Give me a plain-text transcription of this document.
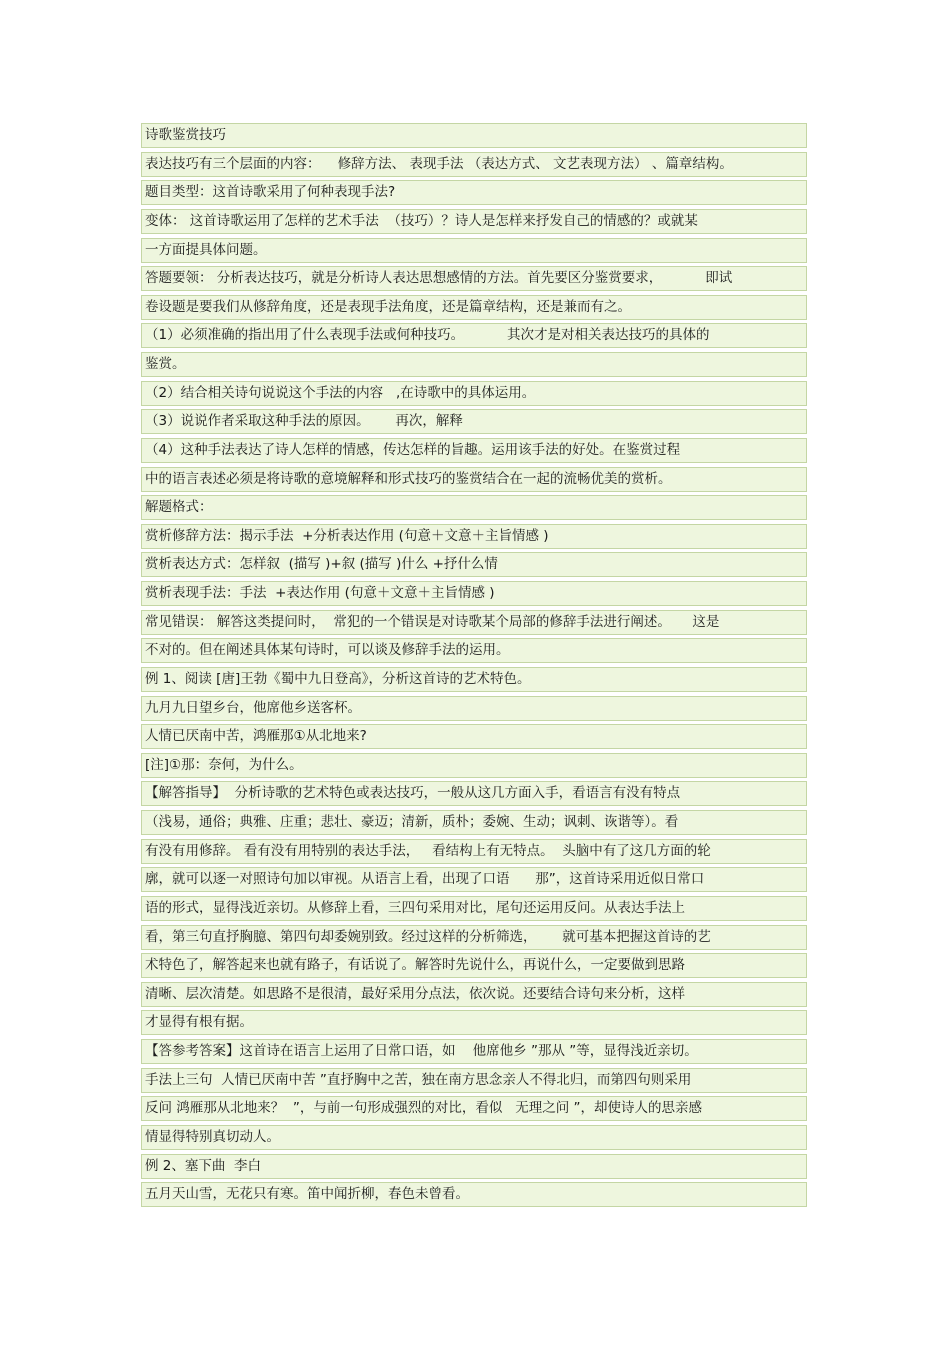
诗歌鉴赏技巧
表达技巧有三个层面的内容：    修辞方法、 表现手法 （表达方式、 文艺表现方法） 、篇章结构。
题目类型：这首诗歌采用了何种表现手法?
变体： 这首诗歌运用了怎样的艺术手法  （技巧）？诗人是怎样来抒发自己的情感的？或就某
一方面提具体问题。
答题要领： 分析表达技巧，就是分析诗人表达思想感情的方法。首先要区分鉴赏要求，          即试
卷设题是要我们从修辞角度，还是表现手法角度，还是篇章结构，还是兼而有之。
（1）必须准确的指出用了什么表现手法或何种技巧。          其次才是对相关表达技巧的具体的
鉴赏。
（2）结合相关诗句说说这个手法的内容   ,在诗歌中的具体运用。
（3）说说作者采取这种手法的原因。      再次，解释
（4）这种手法表达了诗人怎样的情感，传达怎样的旨趣。运用该手法的好处。在鉴赏过程
中的语言表述必须是将诗歌的意境解释和形式技巧的鉴赏结合在一起的流畅优美的赏析。
解题格式：
赏析修辞方法：揭示手法  +分析表达作用 (句意＋文意＋主旨情感 )
赏析表达方式：怎样叙  (描写 )+叙 (描写 )什么 +抒什么情
赏析表现手法：手法  +表达作用 (句意＋文意＋主旨情感 )
常见错误： 解答这类提问时，  常犯的一个错误是对诗歌某个局部的修辞手法进行阐述。     这是
不对的。但在阐述具体某句诗时，可以谈及修辞手法的运用。
例 1、阅读 [唐]王勃《蜀中九日登高》，分析这首诗的艺术特色。
九月九日望乡台，他席他乡送客杯。
人情已厌南中苦，鸿雁那①从北地来?
[注]①那：奈何，为什么。
【解答指导】  分析诗歌的艺术特色或表达技巧，一般从这几方面入手，看语言有没有特点
（浅易，通俗；典雅、庄重；悲壮、豪迈；清新，质朴；委婉、生动；讽刺、诙谐等）。看
有没有用修辞。 看有没有用特别的表达手法，   看结构上有无特点。  头脑中有了这几方面的轮
廓，就可以逐一对照诗句加以审视。从语言上看，出现了口语      那”，这首诗采用近似日常口
语的形式，显得浅近亲切。从修辞上看，三四句采用对比，尾句还运用反问。从表达手法上
看，第三句直抒胸臆、第四句却委婉别致。经过这样的分析筛选，      就可基本把握这首诗的艺
术特色了，解答起来也就有路子，有话说了。解答时先说什么，再说什么，一定要做到思路
清晰、层次清楚。如思路不是很清，最好采用分点法，依次说。还要结合诗句来分析，这样
才显得有根有据。
【答参考答案】这首诗在语言上运用了日常口语，如    他席他乡 ”那从 ”等，显得浅近亲切。
手法上三句  人情已厌南中苦 ”直抒胸中之苦，独在南方思念亲人不得北归，而第四句则采用
反问 鸿雁那从北地来？  ”，与前一句形成强烈的对比，看似   无理之问 ”，却使诗人的思亲感
情显得特别真切动人。
例 2、塞下曲  李白
五月天山雪，无花只有寒。笛中闻折柳，春色未曾看。
